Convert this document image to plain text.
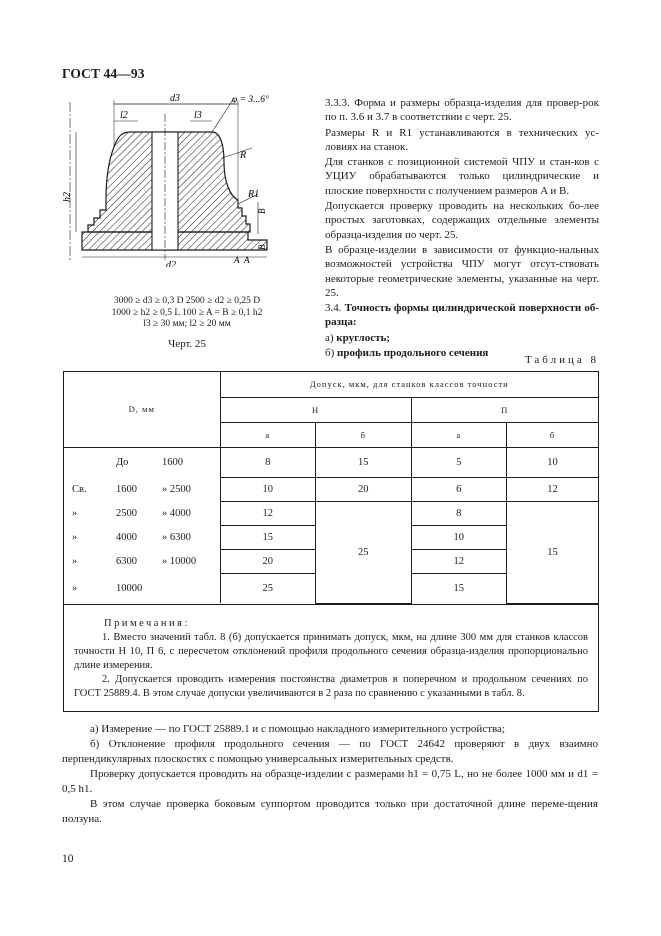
ГОСТ 44—93
d3
l2	l3
φ = 3...6°
R
R1
h2
B
B
A A
d2
3000 ≥ d3 ≥ 0,3 D 2500 ≥ d2 ≥ 0,25 D
1000 ≥ h2 ≥ 0,5 L 100 ≥ A = B ≥ 0,1 h2
l3 ≥ 30 мм; l2 ≥ 20 мм
Черт. 25

3.3.3. Форма и размеры образца-изделия для провер-рок по п. 3.6 и 3.7 в соответствии с черт. 25.

Размеры R и R1 устанавливаются в технических ус-ловиях на станок.

Для станков с позиционной системой ЧПУ и стан-ков с УЦИУ обрабатываются только цилиндрические и плоские поверхности с получением размеров A и B.

Допускается проверку проводить на нескольких бо-лее простых заготовках, содержащих отдельные элементы образца-изделия по черт. 25.

В образце-изделии в зависимости от функцио-нальных возможностей устройства ЧПУ могут отсут-ствовать некоторые геометрические элементы, указанные на черт. 25.

3.4. Точность формы цилиндрической поверхности об-разца:

а) круглость;

б) профиль продольного сечения

Таблица 8
D, мм	Допуск, мкм, для станков классов точности			
	Н		П	
	а	б	а	б
До 1600	8	15	5	10
Св. 1600 » 2500	10	20	6	12
» 2500 » 4000	12	25	8	15
» 4000 » 6300	15		10	
» 6300 » 10000	20		12	
» 10000	25		15	
Примечания:

1. Вместо значений табл. 8 (б) допускается принимать допуск, мкм, на длине 300 мм для станков классов точности Н 10, П 6, с пересчетом отклонений профиля продольного сечения образца-изделия пропорционально длине измерения.

2. Допускается проводить измерения постоянства диаметров в поперечном и продольном сечениях по ГОСТ 25889.4. В этом случае допуски увеличиваются в 2 раза по сравнению с указанными в табл. 8.

а) Измерение — по ГОСТ 25889.1 и с помощью накладного измерительного устройства;

б) Отклонение профиля продольного сечения — по ГОСТ 24642 проверяют в двух взаимно перпендикулярных плоскостях с помощью универсальных измерительных средств.

Проверку допускается проводить на образце-изделии с размерами h1 = 0,75 L, но не более 1000 мм и d1 = 0,5 h1.

В этом случае проверка боковым суппортом проводится только при достаточной длине переме-щения ползуна.

10
